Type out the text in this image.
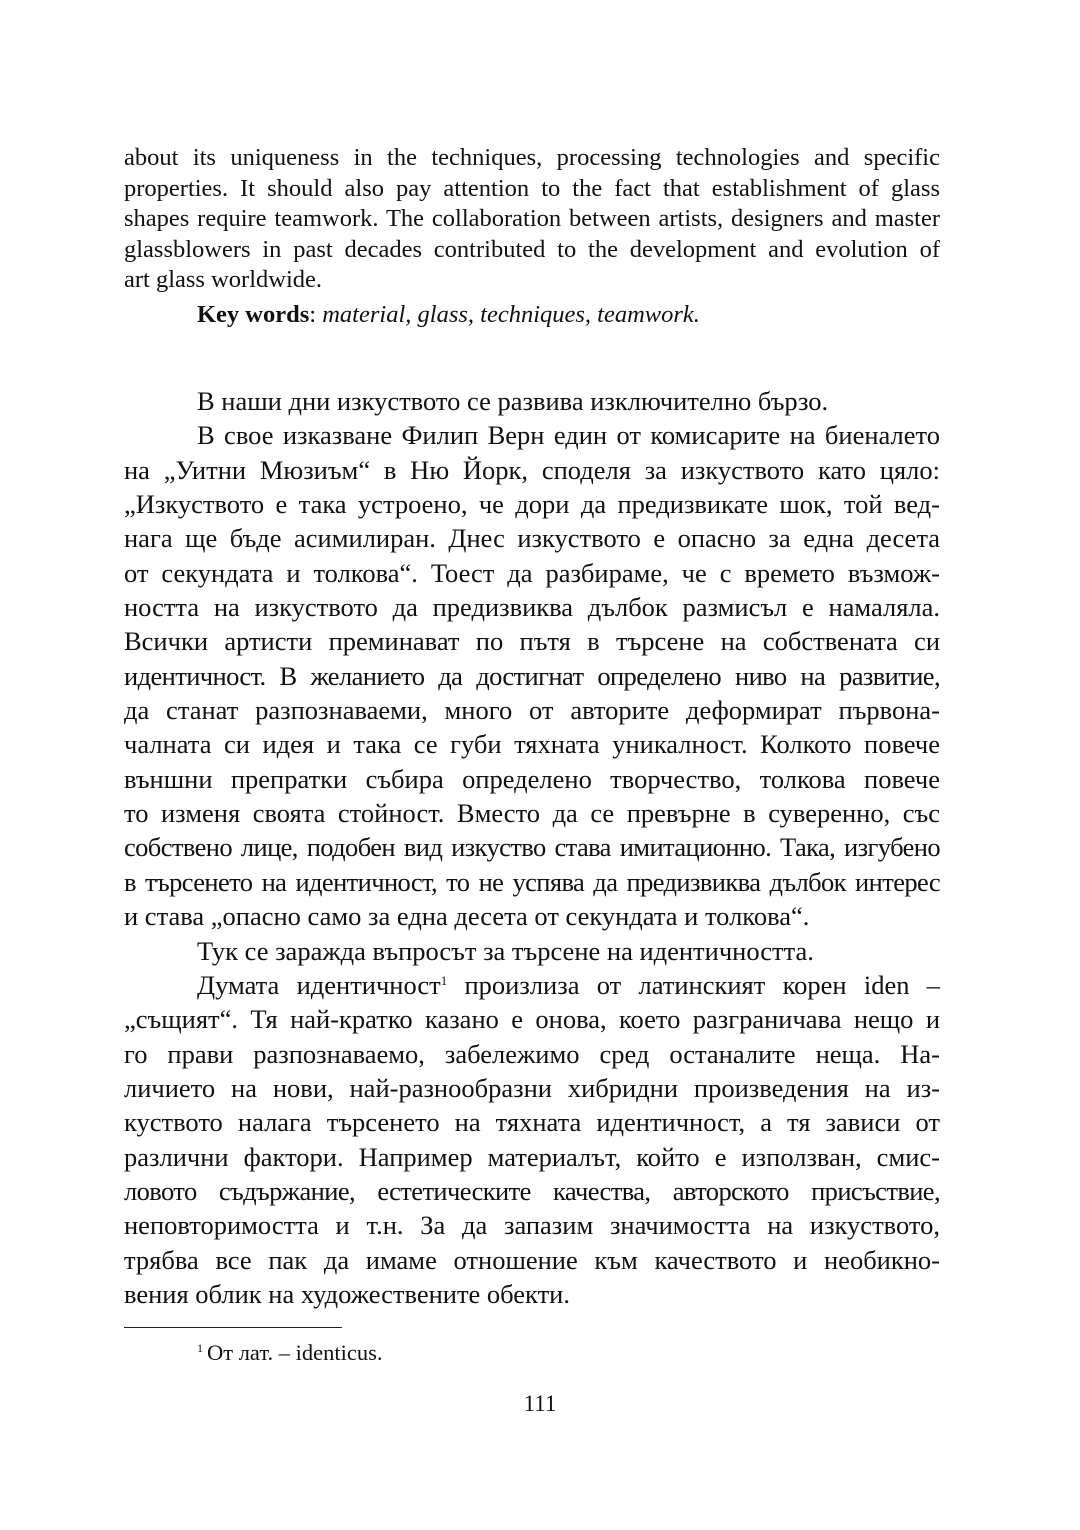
about its uniqueness in the techniques, processing technologies and specific
properties. It should also pay attention to the fact that establishment of glass
shapes require teamwork. The collaboration between artists, designers and master
glassblowers in past decades contributed to the development and evolution of
art glass worldwide.
Key words: material, glass, techniques, teamwork.
В наши дни изкуството се развива изключително бързо.
В свое изказване Филип Верн един от комисарите на биеналето
на „Уитни Мюзиъм“ в Ню Йорк, споделя за изкуството като цяло:
„Изкуството е така устроено, че дори да предизвикате шок, той вед-
нага ще бъде асимилиран. Днес изкуството е опасно за една десета
от секундата и толкова“. Тоест да разбираме, че с времето възмож-
ността на изкуството да предизвиква дълбок размисъл е намаляла.
Всички артисти преминават по пътя в търсене на собствената си
идентичност. В желанието да достигнат определено ниво на развитие,
да станат разпознаваеми, много от авторите деформират първона-
чалната си идея и така се губи тяхната уникалност. Колкото повече
външни препратки събира определено творчество, толкова повече
то изменя своята стойност. Вместо да се превърне в суверенно, със
собствено лице, подобен вид изкуство става имитационно. Така, изгубено
в търсенето на идентичност, то не успява да предизвиква дълбок интерес
и става „опасно само за една десета от секундата и толкова“.
Тук се заражда въпросът за търсене на идентичността.
Думата идентичност$^1$ произлиза от латинският корен iden –
„същият“. Тя най-кратко казано е онова, което разграничава нещо и
го прави разпознаваемо, забележимо сред останалите неща. На-
личието на нови, най-разнообразни хибридни произведения на из-
куството налага търсенето на тяхната идентичност, а тя зависи от
различни фактори. Например материалът, който е използван, смис-
ловото съдържание, естетическите качества, авторското присъствие,
неповторимостта и т.н. За да запазим значимостта на изкуството,
трябва все пак да имаме отношение към качеството и необикно-
вения облик на художествените обекти.
$^1$ От лат. – identicus.
111
